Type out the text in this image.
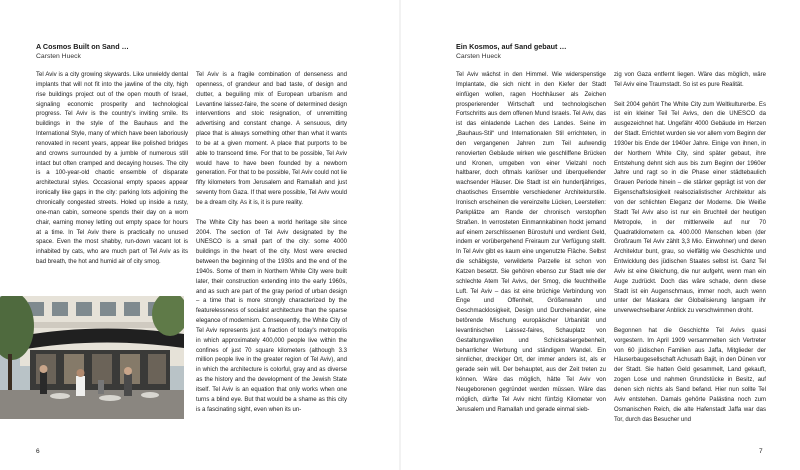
A Cosmos Built on Sand …
Carsten Hueck

Tel Aviv is a city growing skywards. Like unwieldy dental implants that will not fit into the jawline of the city, high rise buildings project out of the open mouth of Israel, signaling economic prosperity and technological progress. Tel Aviv is the country's inviting smile. Its buildings in the style of the Bauhaus and the International Style, many of which have been laboriously renovated in recent years, appear like polished bridges and crowns surrounded by a jumble of numerous still intact but often cramped and decaying houses. The city is a 100-year-old chaotic ensemble of disparate architectural styles. Occasional empty spaces appear ironically like gaps in the city: parking lots adjoining the chronically congested streets. Holed up inside a rusty, one-man cabin, someone spends their day on a worn chair, earning money letting out empty space for hours at a time. In Tel Aviv there is practically no unused space. Even the most shabby, run-down vacant lot is inhabited by cats, who are much part of Tel Aviv as its bad breath, the hot and humid air of city smog.

Tel Aviv is a fragile combination of denseness and openness, of grandeur and bad taste, of design and clutter, a beguiling mix of European urbanism and Levantine laissez-faire, the scene of determined design interventions and stoic resignation, of unremitting advertising and constant change. A sensuous, dirty place that is always something other than what it wants to be at a given moment. A place that purports to be able to transcend time. For that to be possible, Tel Aviv would have to have been founded by a newborn generation. For that to be possible, Tel Aviv could not lie fifty kilometers from Jerusalem and Ramallah and just seventy from Gaza. If that were possible, Tel Aviv would be a dream city. As it is, it is pure reality.

The White City has been a world heritage site since 2004. The section of Tel Aviv designated by the UNESCO is a small part of the city: some 4000 buildings in the heart of the city. Most were erected between the beginning of the 1930s and the end of the 1940s. Some of them in Northern White City were built later, their construction extending into the early 1960s, and as such are part of the gray period of urban design – a time that is more strongly characterized by the featurelessness of socialist architecture than the sparse elegance of modernism. Consequently, the White City of Tel Aviv represents just a fraction of today's metropolis in which approximately 400,000 people live within the confines of just 70 square kilometers (although 3.3 million people live in the greater region of Tel Aviv), and in which the architecture is colorful, gray and as diverse as the history and the development of the Jewish State itself. Tel Aviv is an equation that only works when one turns a blind eye. But that would be a shame as this city is a fascinating sight, even when its un-

6
Ein Kosmos, auf Sand gebaut …
Carsten Hueck

Tel Aviv wächst in den Himmel. Wie widerspenstige Implantate, die sich nicht in den Kiefer der Stadt einfügen wollen, ragen Hochhäuser als Zeichen prosperierender Wirtschaft und technologischen Fortschritts aus dem offenen Mund Israels. Tel Aviv, das ist das einladende Lachen des Landes. Seine im „Bauhaus-Stil“ und Internationalen Stil errichteten, in den vergangenen Jahren zum Teil aufwendig renovierten Gebäude wirken wie geschliffene Brücken und Kronen, umgeben von einer Vielzahl noch haltbarer, doch oftmals kariöser und überquellender wachsender Häuser. Die Stadt ist ein hundertjähriges, chaotisches Ensemble verschiedener Architekturstile. Ironisch erscheinen die vereinzelte Lücken, Leerstellen: Parkplätze am Rande der chronisch verstopften Straßen. In verrosteten Einmannkabinen hockt jemand auf einem zerschlissenen Bürostuhl und verdient Geld, indem er vorübergehend Freiraum zur Verfügung stellt. In Tel Aviv gibt es kaum eine ungenutzte Fläche. Selbst die schäbigste, verwilderte Parzelle ist schon von Katzen besetzt. Sie gehören ebenso zur Stadt wie der schlechte Atem Tel Avivs, der Smog, die feuchtheiße Luft. Tel Aviv – das ist eine brüchige Verbindung von Enge und Offenheit, Größenwahn und Geschmacklosigkeit, Design und Durcheinander, eine betörende Mischung europäischer Urbanität und levantinischen Laissez-faires, Schauplatz von Gestaltungswillen und Schicksalsergebenheit, beharrlicher Werbung und ständigem Wandel. Ein sinnlicher, dreckiger Ort, der immer anders ist, als er gerade sein will. Der behauptet, aus der Zeit treten zu können. Wäre das möglich, hätte Tel Aviv von Neugeborenen gegründet werden müssen. Wäre das möglich, dürfte Tel Aviv nicht fünfzig Kilometer von Jerusalem und Ramallah und gerade einmal sieb-

zig von Gaza entfernt liegen. Wäre das möglich, wäre Tel Aviv eine Traumstadt. So ist es pure Realität.

Seit 2004 gehört The White City zum Weltkulturerbe. Es ist ein kleiner Teil Tel Avivs, den die UNESCO da ausgezeichnet hat. Ungefähr 4000 Gebäude im Herzen der Stadt. Errichtet wurden sie vor allem vom Beginn der 1930er bis Ende der 1940er Jahre. Einige von ihnen, in der Northern White City, sind später gebaut, ihre Entstehung dehnt sich aus bis zum Beginn der 1960er Jahre und ragt so in die Phase einer städtebaulich Grauen Periode hinein – die stärker geprägt ist von der Eigenschaftslosigkeit realsozialistischer Architektur als von der schlichten Eleganz der Moderne. Die Weiße Stadt Tel Aviv also ist nur ein Bruchteil der heutigen Metropole, in der mittlerweile auf nur 70 Quadratkilometern ca. 400.000 Menschen leben (der Großraum Tel Aviv zählt 3,3 Mio. Einwohner) und deren Architektur bunt, grau, so vielfältig wie Geschichte und Entwicklung des jüdischen Staates selbst ist. Ganz Tel Aviv ist eine Gleichung, die nur aufgeht, wenn man ein Auge zudrückt. Doch das wäre schade, denn diese Stadt ist ein Augenschmaus, immer noch, auch wenn unter der Maskara der Globalisierung langsam ihr unverwechselbarer Anblick zu verschwimmen droht.

Begonnen hat die Geschichte Tel Avivs quasi vorgestern. Im April 1909 versammelten sich Vertreter von 60 jüdischen Familien aus Jaffa, Mitglieder der Häuserbaugesellschaft Achusath Bajit, in den Dünen vor der Stadt. Sie hatten Geld gesammelt, Land gekauft, zogen Lose und nahmen Grundstücke in Besitz, auf denen sich nichts als Sand befand. Hier nun sollte Tel Aviv entstehen. Damals gehörte Palästina noch zum Osmanischen Reich, die alte Hafenstadt Jaffa war das Tor, durch das Besucher und

7
